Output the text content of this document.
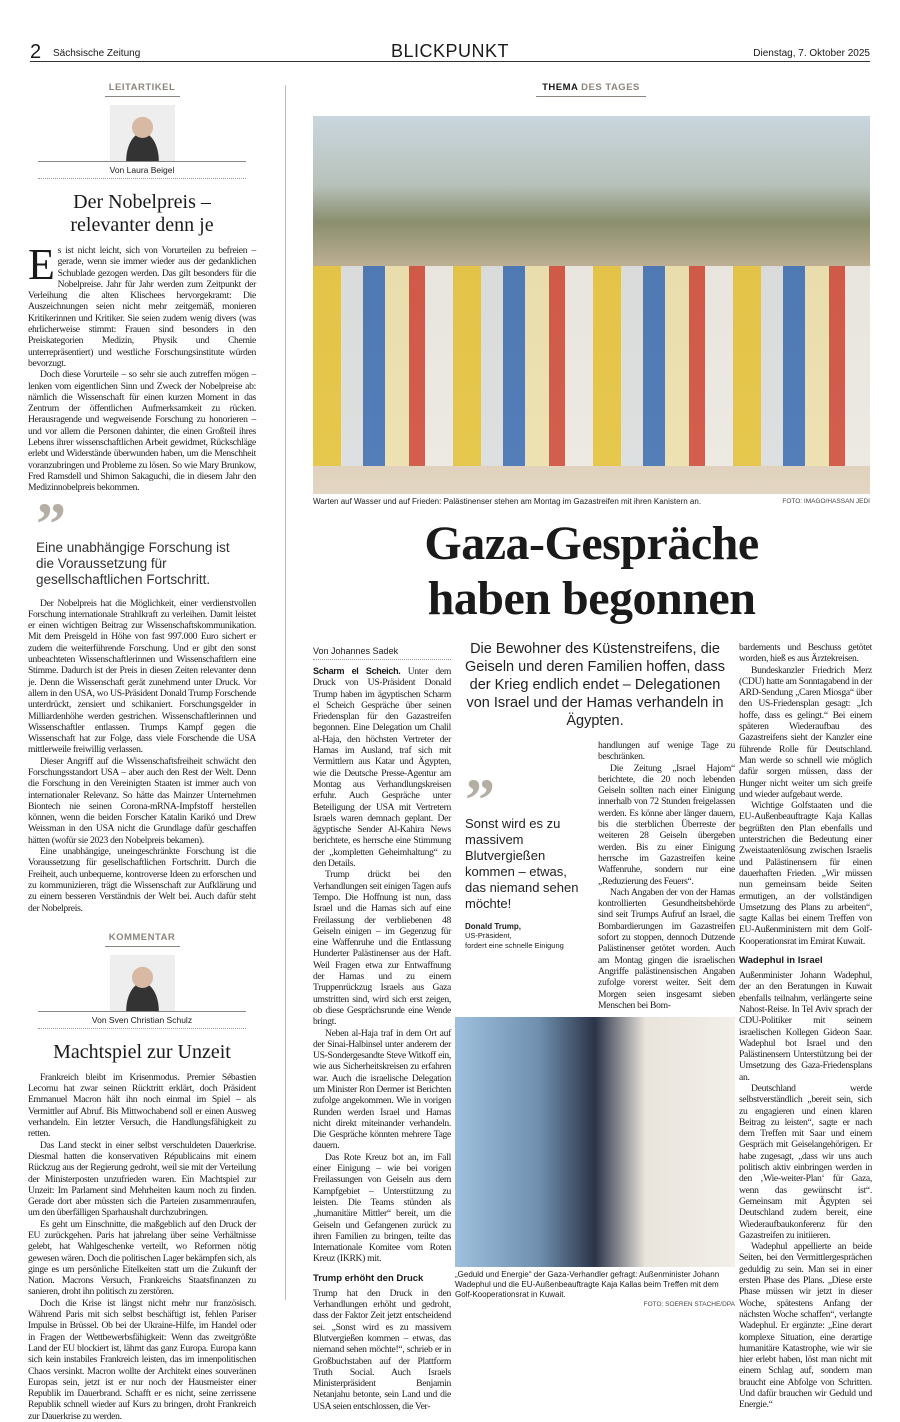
2 Sächsische Zeitung	BLICKPUNKT	Dienstag, 7. Oktober 2025
LEITARTIKEL
Von Laura Beigel
Der Nobelpreis – relevanter denn je

Es ist nicht leicht, sich von Vorurteilen zu befreien – gerade, wenn sie immer wieder aus der gedanklichen Schublade gezogen werden. Das gilt besonders für die Nobelpreise. Jahr für Jahr werden zum Zeitpunkt der Verleihung die alten Klischees hervorgekramt: Die Auszeichnungen seien nicht mehr zeitgemäß, monieren Kritikerinnen und Kritiker. Sie seien zudem wenig divers (was ehrlicherweise stimmt: Frauen sind besonders in den Preiskategorien Medizin, Physik und Chemie unterrepräsentiert) und westliche Forschungsinstitute würden bevorzugt.

Doch diese Vorurteile – so sehr sie auch zutreffen mögen – lenken vom eigentlichen Sinn und Zweck der Nobelpreise ab: nämlich die Wissenschaft für einen kurzen Moment in das Zentrum der öffentlichen Aufmerksamkeit zu rücken. Herausragende und wegweisende Forschung zu honorieren – und vor allem die Personen dahinter, die einen Großteil ihres Lebens ihrer wissenschaftlichen Arbeit gewidmet, Rückschläge erlebt und Widerstände überwunden haben, um die Menschheit voranzubringen und Probleme zu lösen. So wie Mary Brunkow, Fred Ramsdell und Shimon Sakaguchi, die in diesem Jahr den Medizinnobelpreis bekommen.

Eine unabhängige Forschung ist die Voraussetzung für gesellschaftlichen Fortschritt.

Der Nobelpreis hat die Möglichkeit, einer verdienstvollen Forschung internationale Strahlkraft zu verleihen. Damit leistet er einen wichtigen Beitrag zur Wissenschaftskommunikation. Mit dem Preisgeld in Höhe von fast 997.000 Euro sichert er zudem die weiterführende Forschung. Und er gibt den sonst unbeachteten Wissenschaftlerinnen und Wissenschaftlern eine Stimme. Dadurch ist der Preis in diesen Zeiten relevanter denn je. Denn die Wissenschaft gerät zunehmend unter Druck. Vor allem in den USA, wo US-Präsident Donald Trump Forschende unterdrückt, zensiert und schikaniert. Forschungsgelder in Milliardenhöhe werden gestrichen. Wissenschaftlerinnen und Wissenschaftler entlassen. Trumps Kampf gegen die Wissenschaft hat zur Folge, dass viele Forschende die USA mittlerweile freiwillig verlassen.

Dieser Angriff auf die Wissenschaftsfreiheit schwächt den Forschungsstandort USA – aber auch den Rest der Welt. Denn die Forschung in den Vereinigten Staaten ist immer auch von internationaler Relevanz. So hätte das Mainzer Unternehmen Biontech nie seinen Corona-mRNA-Impfstoff herstellen können, wenn die beiden Forscher Katalin Karikó und Drew Weissman in den USA nicht die Grundlage dafür geschaffen hätten (wofür sie 2023 den Nobelpreis bekamen).

Eine unabhängige, uneingeschränkte Forschung ist die Voraussetzung für gesellschaftlichen Fortschritt. Durch die Freiheit, auch unbequeme, kontroverse Ideen zu erforschen und zu kommunizieren, trägt die Wissenschaft zur Aufklärung und zu einem besseren Verständnis der Welt bei. Auch dafür steht der Nobelpreis.

KOMMENTAR
Von Sven Christian Schulz
Machtspiel zur Unzeit

Frankreich bleibt im Krisenmodus. Premier Sébastien Lecornu hat zwar seinen Rücktritt erklärt, doch Präsident Emmanuel Macron hält ihn noch einmal im Spiel – als Vermittler auf Abruf. Bis Mittwochabend soll er einen Ausweg verhandeln. Ein letzter Versuch, die Handlungsfähigkeit zu retten.

Das Land steckt in einer selbst verschuldeten Dauerkrise. Diesmal hatten die konservativen Républicains mit einem Rückzug aus der Regierung gedroht, weil sie mit der Verteilung der Ministerposten unzufrieden waren. Ein Machtspiel zur Unzeit: Im Parlament sind Mehrheiten kaum noch zu finden. Gerade dort aber müssten sich die Parteien zusammenraufen, um den überfälligen Sparhaushalt durchzubringen.

Es geht um Einschnitte, die maßgeblich auf den Druck der EU zurückgehen. Paris hat jahrelang über seine Verhältnisse gelebt, hat Wahlgeschenke verteilt, wo Reformen nötig gewesen wären. Doch die politischen Lager bekämpfen sich, als ginge es um persönliche Eitelkeiten statt um die Zukunft der Nation. Macrons Versuch, Frankreichs Staatsfinanzen zu sanieren, droht ihn politisch zu zerstören.

Doch die Krise ist längst nicht mehr nur französisch. Während Paris mit sich selbst beschäftigt ist, fehlen Pariser Impulse in Brüssel. Ob bei der Ukraine-Hilfe, im Handel oder in Fragen der Wettbewerbsfähigkeit: Wenn das zweitgrößte Land der EU blockiert ist, lähmt das ganz Europa. Europa kann sich kein instabiles Frankreich leisten, das im innenpolitischen Chaos versinkt. Macron wollte der Architekt eines souveränen Europas sein, jetzt ist er nur noch der Hausmeister einer Republik im Dauerbrand. Schafft er es nicht, seine zerrissene Republik schnell wieder auf Kurs zu bringen, droht Frankreich zur Dauerkrise zu werden.

THEMA DES TAGES
Warten auf Wasser und auf Frieden: Palästinenser stehen am Montag im Gazastreifen mit ihren Kanistern an.	FOTO: IMAGO/HASSAN JEDI
Gaza-Gespräche
haben begonnen
Von Johannes Sadek

Scharm el Scheich. Unter dem Druck von US-Präsident Donald Trump haben im ägyptischen Scharm el Scheich Gespräche über seinen Friedensplan für den Gazastreifen begonnen. Eine Delegation um Chalil al-Haja, den höchsten Vertreter der Hamas im Ausland, traf sich mit Vermittlern aus Katar und Ägypten, wie die Deutsche Presse-Agentur am Montag aus Verhandlungskreisen erfuhr. Auch Gespräche unter Beteiligung der USA mit Vertretern Israels waren demnach geplant. Der ägyptische Sender Al-Kahira News berichtete, es herrsche eine Stimmung der „kompletten Geheimhaltung“ zu den Details.

Trump drückt bei den Verhandlungen seit einigen Tagen aufs Tempo. Die Hoffnung ist nun, dass Israel und die Hamas sich auf eine Freilassung der verbliebenen 48 Geiseln einigen – im Gegenzug für eine Waffenruhe und die Entlassung Hunderter Palästinenser aus der Haft. Weil Fragen etwa zur Entwaffnung der Hamas und zu einem Truppenrückzug Israels aus Gaza umstritten sind, wird sich erst zeigen, ob diese Gesprächsrunde eine Wende bringt.

Neben al-Haja traf in dem Ort auf der Sinai-Halbinsel unter anderem der US-Sondergesandte Steve Witkoff ein, wie aus Sicherheitskreisen zu erfahren war. Auch die israelische Delegation um Minister Ron Dermer ist Berichten zufolge angekommen. Wie in vorigen Runden werden Israel und Hamas nicht direkt miteinander verhandeln. Die Gespräche könnten mehrere Tage dauern.

Das Rote Kreuz bot an, im Fall einer Einigung – wie bei vorigen Freilassungen von Geiseln aus dem Kampfgebiet – Unterstützung zu leisten. Die Teams stünden als „humanitäre Mittler“ bereit, um die Geiseln und Gefangenen zurück zu ihren Familien zu bringen, teilte das Internationale Komitee vom Roten Kreuz (IKRK) mit.

Trump erhöht den Druck

Trump hat den Druck in den Verhandlungen erhöht und gedroht, dass der Faktor Zeit jetzt entscheidend sei. „Sonst wird es zu massivem Blutvergießen kommen – etwas, das niemand sehen möchte!“, schrieb er in Großbuchstaben auf der Plattform Truth Social. Auch Israels Ministerpräsident Benjamin Netanjahu betonte, sein Land und die USA seien entschlossen, die Ver-

Die Bewohner des Küstenstreifens, die Geiseln und deren Familien hoffen, dass der Krieg endlich endet – Delegationen von Israel und der Hamas verhandeln in Ägypten.
Sonst wird es zu massivem Blutvergießen kommen – etwas, das niemand sehen möchte!
Donald Trump,
US-Präsident,
fordert eine schnelle Einigung

handlungen auf wenige Tage zu beschränken.

Die Zeitung „Israel Hajom“ berichtete, die 20 noch lebenden Geiseln sollten nach einer Einigung innerhalb von 72 Stunden freigelassen werden. Es könne aber länger dauern, bis die sterblichen Überreste der weiteren 28 Geiseln übergeben werden. Bis zu einer Einigung herrsche im Gazastreifen keine Waffenruhe, sondern nur eine „Reduzierung des Feuers“.

Nach Angaben der von der Hamas kontrollierten Gesundheitsbehörde sind seit Trumps Aufruf an Israel, die Bombardierungen im Gazastreifen sofort zu stoppen, dennoch Dutzende Palästinenser getötet worden. Auch am Montag gingen die israelischen Angriffe palästinensischen Angaben zufolge vorerst weiter. Seit dem Morgen seien insgesamt sieben Menschen bei Bom-

„Geduld und Energie“ der Gaza-Verhandler gefragt: Außenminister Johann Wadephul und die EU-Außenbeauftragte Kaja Kallas beim Treffen mit dem Golf-Kooperationsrat in Kuwait.
FOTO: SOEREN STACHE/DPA

bardements und Beschuss getötet worden, hieß es aus Ärztekreisen.

Bundeskanzler Friedrich Merz (CDU) hatte am Sonntagabend in der ARD-Sendung „Caren Miosga“ über den US-Friedensplan gesagt: „Ich hoffe, dass es gelingt.“ Bei einem späteren Wiederaufbau des Gazastreifens sieht der Kanzler eine führende Rolle für Deutschland. Man werde so schnell wie möglich dafür sorgen müssen, dass der Hunger nicht weiter um sich greife und wieder aufgebaut werde.

Wichtige Golfstaaten und die EU-Außenbeauftragte Kaja Kallas begrüßten den Plan ebenfalls und unterstrichen die Bedeutung einer Zweistaatenlösung zwischen Israelis und Palästinensern für einen dauerhaften Frieden. „Wir müssen nun gemeinsam beide Seiten ermutigen, an der vollständigen Umsetzung des Plans zu arbeiten“, sagte Kallas bei einem Treffen von EU-Außenministern mit dem Golf-Kooperationsrat im Emirat Kuwait.

Wadephul in Israel

Außenminister Johann Wadephul, der an den Beratungen in Kuwait ebenfalls teilnahm, verlängerte seine Nahost-Reise. In Tel Aviv sprach der CDU-Politiker mit seinem israelischen Kollegen Gideon Saar. Wadephul bot Israel und den Palästinensern Unterstützung bei der Umsetzung des Gaza-Friedensplans an.

Deutschland werde selbstverständlich „bereit sein, sich zu engagieren und einen klaren Beitrag zu leisten“, sagte er nach dem Treffen mit Saar und einem Gespräch mit Geiselangehörigen. Er habe zugesagt, „dass wir uns auch politisch aktiv einbringen werden in den ‚Wie-weiter-Plan‘ für Gaza, wenn das gewünscht ist“. Gemeinsam mit Ägypten sei Deutschland zudem bereit, eine Wiederaufbaukonferenz für den Gazastreifen zu initiieren.

Wadephul appellierte an beide Seiten, bei den Vermittlergesprächen geduldig zu sein. Man sei in einer ersten Phase des Plans. „Diese erste Phase müssen wir jetzt in dieser Woche, spätestens Anfang der nächsten Woche schaffen“, verlangte Wadephul. Er ergänzte: „Eine derart komplexe Situation, eine derartige humanitäre Katastrophe, wie wir sie hier erlebt haben, löst man nicht mit einem Schlag auf, sondern man braucht eine Abfolge von Schritten. Und dafür brauchen wir Geduld und Energie.“
